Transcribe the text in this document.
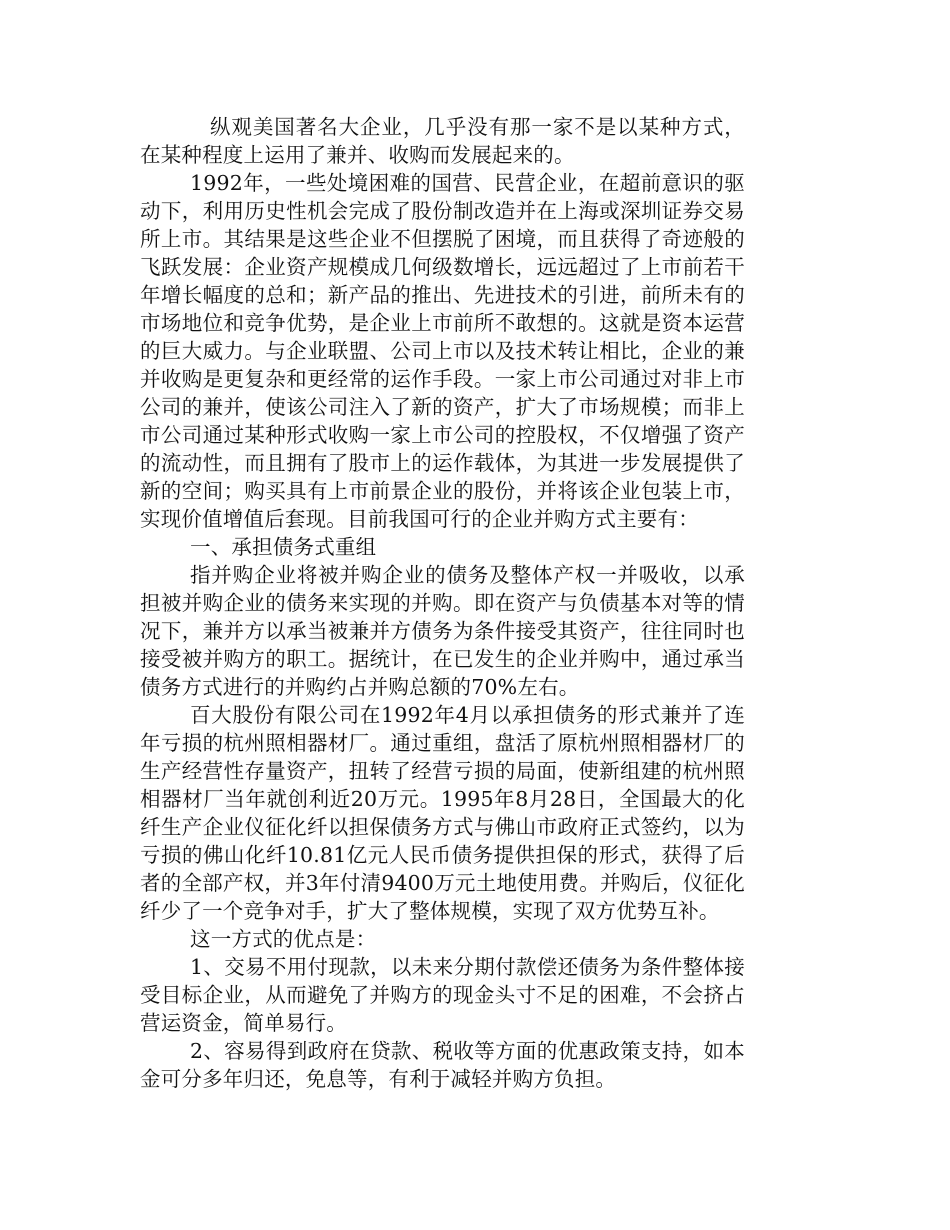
纵观美国著名大企业，几乎没有那一家不是以某种方式，在某种程度上运用了兼并、收购而发展起来的。

1992年，一些处境困难的国营、民营企业，在超前意识的驱动下，利用历史性机会完成了股份制改造并在上海或深圳证券交易所上市。其结果是这些企业不但摆脱了困境，而且获得了奇迹般的飞跃发展：企业资产规模成几何级数增长，远远超过了上市前若干年增长幅度的总和；新产品的推出、先进技术的引进，前所未有的市场地位和竞争优势，是企业上市前所不敢想的。这就是资本运营的巨大威力。与企业联盟、公司上市以及技术转让相比，企业的兼并收购是更复杂和更经常的运作手段。一家上市公司通过对非上市公司的兼并，使该公司注入了新的资产，扩大了市场规模；而非上市公司通过某种形式收购一家上市公司的控股权，不仅增强了资产的流动性，而且拥有了股市上的运作载体，为其进一步发展提供了新的空间；购买具有上市前景企业的股份，并将该企业包装上市，实现价值增值后套现。目前我国可行的企业并购方式主要有：

一、承担债务式重组

指并购企业将被并购企业的债务及整体产权一并吸收，以承担被并购企业的债务来实现的并购。即在资产与负债基本对等的情况下，兼并方以承当被兼并方债务为条件接受其资产，往往同时也接受被并购方的职工。据统计，在已发生的企业并购中，通过承当债务方式进行的并购约占并购总额的70%左右。

百大股份有限公司在1992年4月以承担债务的形式兼并了连年亏损的杭州照相器材厂。通过重组，盘活了原杭州照相器材厂的生产经营性存量资产，扭转了经营亏损的局面，使新组建的杭州照相器材厂当年就创利近20万元。1995年8月28日，全国最大的化纤生产企业仪征化纤以担保债务方式与佛山市政府正式签约，以为亏损的佛山化纤10.81亿元人民币债务提供担保的形式，获得了后者的全部产权，并3年付清9400万元土地使用费。并购后，仪征化纤少了一个竞争对手，扩大了整体规模，实现了双方优势互补。

这一方式的优点是：

1、交易不用付现款，以未来分期付款偿还债务为条件整体接受目标企业，从而避免了并购方的现金头寸不足的困难，不会挤占营运资金，简单易行。

2、容易得到政府在贷款、税收等方面的优惠政策支持，如本金可分多年归还，免息等，有利于减轻并购方负担。
